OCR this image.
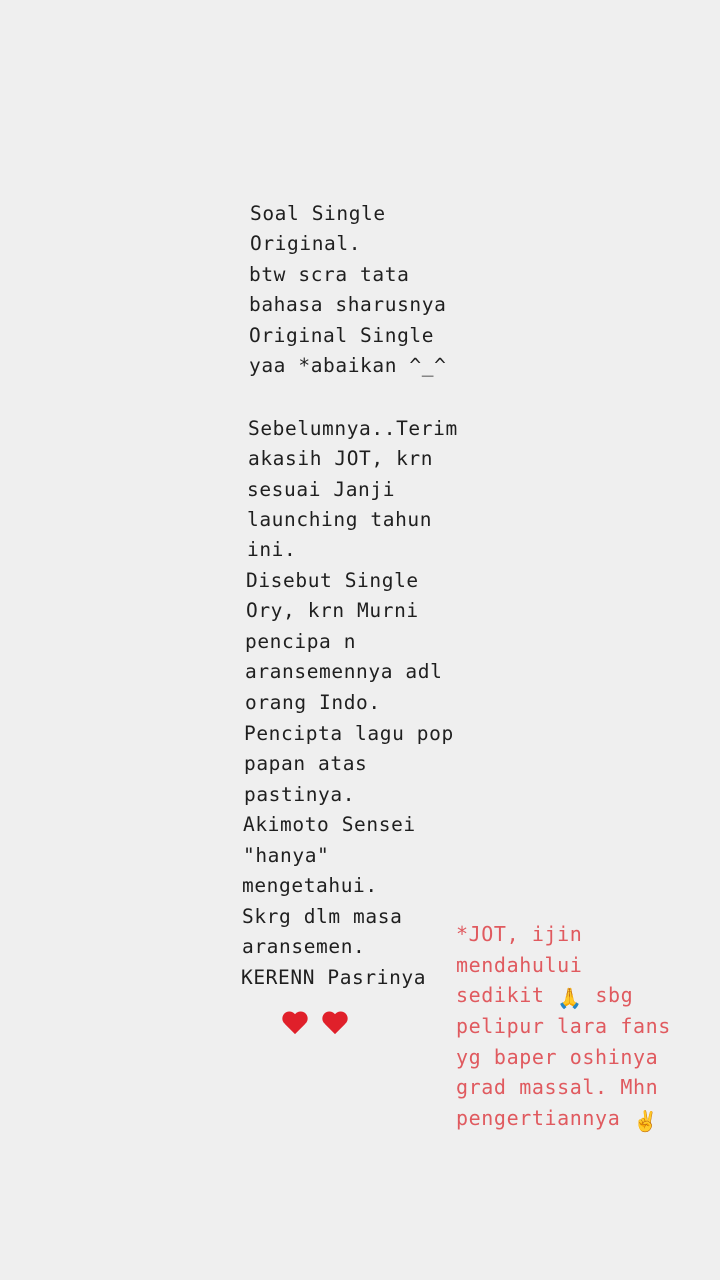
Soal Single

Original.

btw scra tata

bahasa sharusnya

Original Single

yaa *abaikan ^_^

Sebelumnya..Terim

akasih JOT, krn

sesuai Janji

launching tahun

ini.

Disebut Single

Ory, krn Murni

pencipa n

aransemennya adl

orang Indo.

Pencipta lagu pop

papan atas

pastinya.

Akimoto Sensei

"hanya"

mengetahui.

Skrg dlm masa

aransemen.

KERENN Pasrinya

*JOT, ijin

mendahului

sedikit 🙏 sbg

pelipur lara fans

yg baper oshinya

grad massal. Mhn

pengertiannya ✌️
